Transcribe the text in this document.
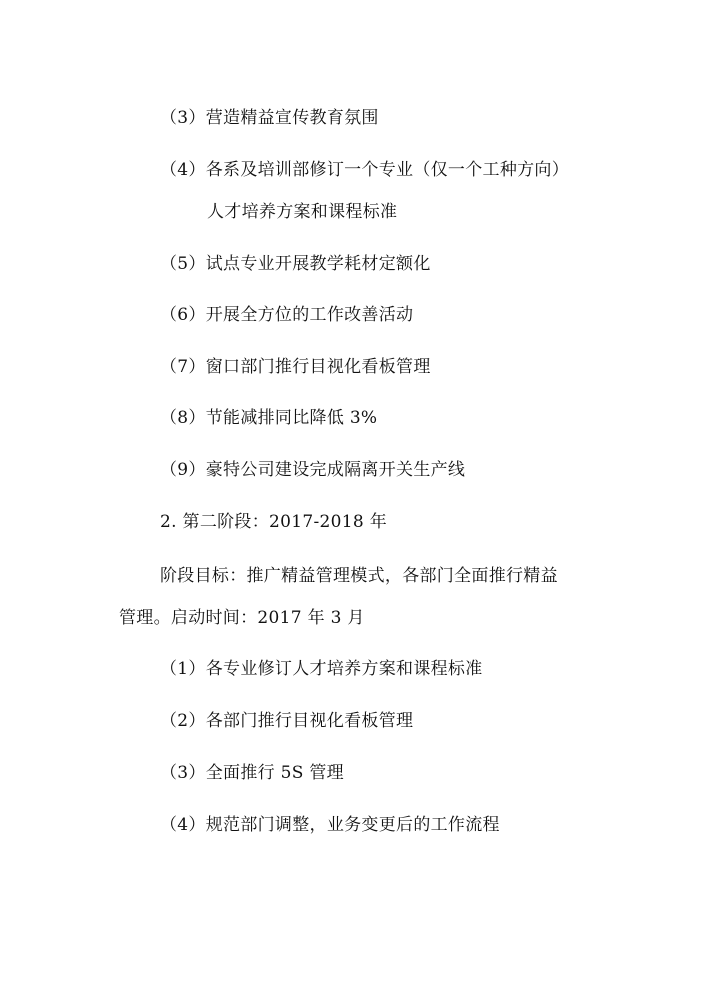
（3）营造精益宣传教育氛围
（4）各系及培训部修订一个专业（仅一个工种方向）
人才培养方案和课程标准
（5）试点专业开展教学耗材定额化
（6）开展全方位的工作改善活动
（7）窗口部门推行目视化看板管理
（8）节能减排同比降低 3%
（9）豪特公司建设完成隔离开关生产线
2. 第二阶段：2017-2018 年
阶段目标：推广精益管理模式，各部门全面推行精益
管理。启动时间：2017 年 3 月
（1）各专业修订人才培养方案和课程标准
（2）各部门推行目视化看板管理
（3）全面推行 5S 管理
（4）规范部门调整，业务变更后的工作流程
